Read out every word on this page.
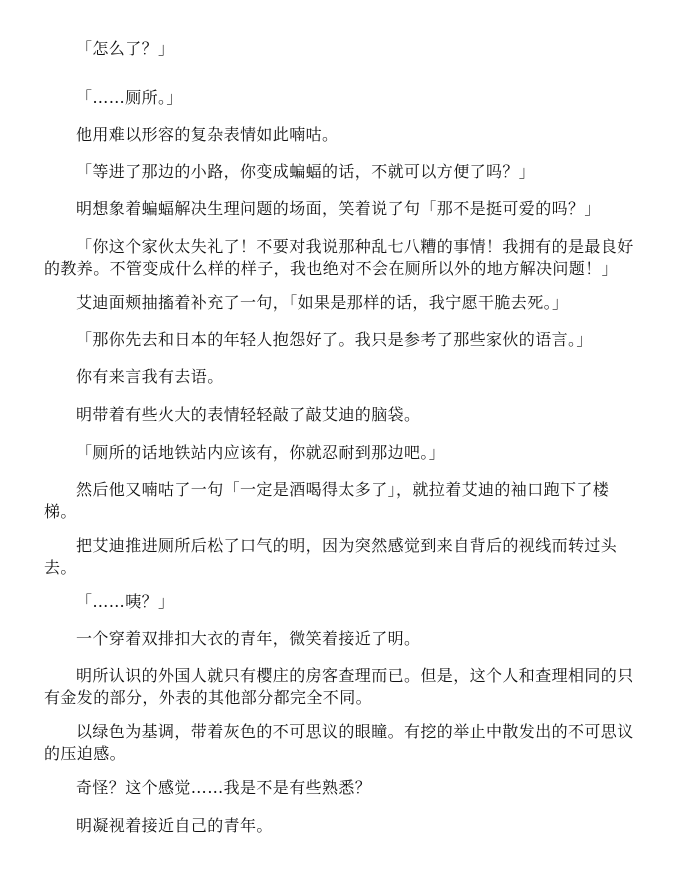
「怎么了？」

「……厕所。」

他用难以形容的复杂表情如此喃咕。

「等进了那边的小路，你变成蝙蝠的话，不就可以方便了吗？」

明想象着蝙蝠解决生理问题的场面，笑着说了句「那不是挺可爱的吗？」

「你这个家伙太失礼了！不要对我说那种乱七八糟的事情！我拥有的是最良好的教养。不管变成什么样的样子，我也绝对不会在厕所以外的地方解决问题！」

艾迪面颊抽搐着补充了一句，「如果是那样的话，我宁愿干脆去死。」

「那你先去和日本的年轻人抱怨好了。我只是参考了那些家伙的语言。」

你有来言我有去语。

明带着有些火大的表情轻轻敲了敲艾迪的脑袋。

「厕所的话地铁站内应该有，你就忍耐到那边吧。」

然后他又喃咕了一句「一定是酒喝得太多了」，就拉着艾迪的袖口跑下了楼梯。

把艾迪推进厕所后松了口气的明，因为突然感觉到来自背后的视线而转过头去。

「……咦？」

一个穿着双排扣大衣的青年，微笑着接近了明。

明所认识的外国人就只有樱庄的房客查理而已。但是，这个人和查理相同的只有金发的部分，外表的其他部分都完全不同。

以绿色为基调，带着灰色的不可思议的眼瞳。有挖的举止中散发出的不可思议的压迫感。

奇怪？这个感觉……我是不是有些熟悉？

明凝视着接近自己的青年。
